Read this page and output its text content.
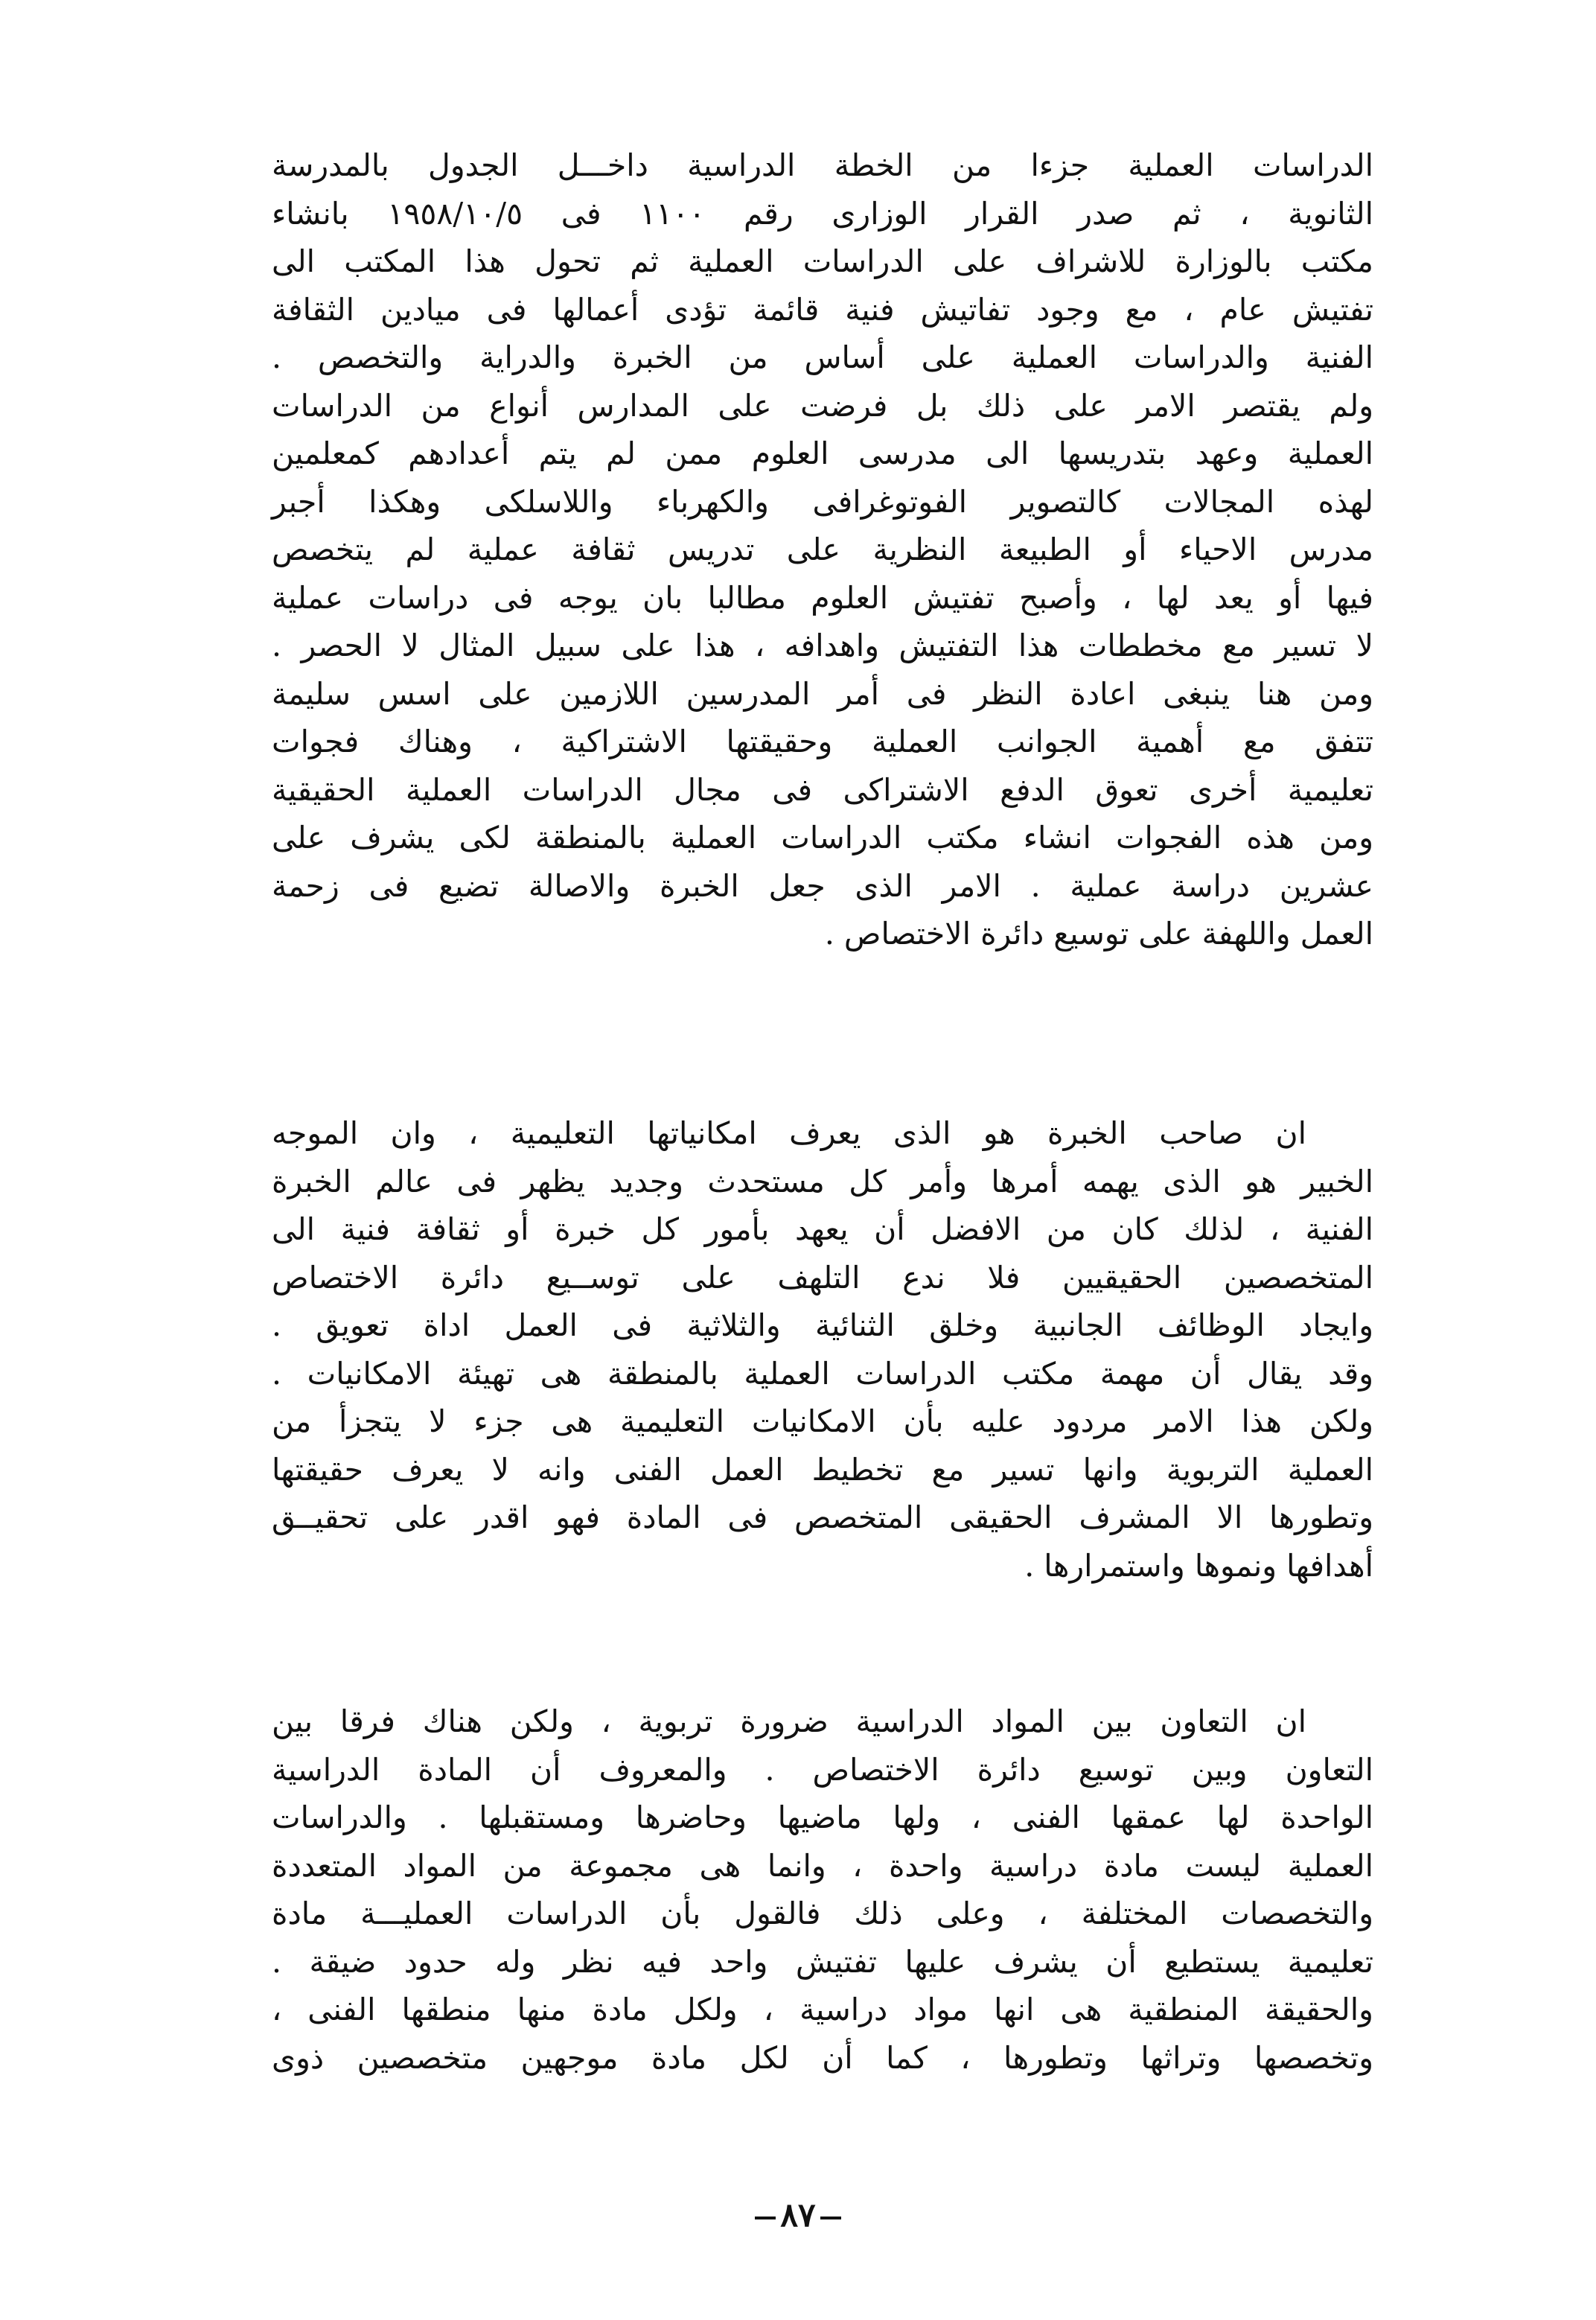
الدراسات العملية جزءا من الخطة الدراسية داخـــل الجدول بالمدرسة
الثانوية ، ثم صدر القرار الوزارى رقم ١١٠٠ فى ١٩٥٨/١٠/٥ بانشاء
مكتب بالوزارة للاشراف على الدراسات العملية ثم تحول هذا المكتب الى
تفتيش عام ، مع وجود تفاتيش فنية قائمة تؤدى أعمالها فى ميادين الثقافة
الفنية والدراسات العملية على أساس من الخبرة والدراية والتخصص .
ولم يقتصر الامر على ذلك بل فرضت على المدارس أنواع من الدراسات
العملية وعهد بتدريسها الى مدرسى العلوم ممن لم يتم أعدادهم كمعلمين
لهذه المجالات كالتصوير الفوتوغرافى والكهرباء واللاسلكى وهكذا أجبر
مدرس الاحياء أو الطبيعة النظرية على تدريس ثقافة عملية لم يتخصص
فيها أو يعد لها ، وأصبح تفتيش العلوم مطالبا بان يوجه فى دراسات عملية
لا تسير مع مخططات هذا التفتيش واهدافه ، هذا على سبيل المثال لا الحصر .
ومن هنا ينبغى اعادة النظر فى أمر المدرسين اللازمين على اسس سليمة
تتفق مع أهمية الجوانب العملية وحقيقتها الاشتراكية ، وهناك فجوات
تعليمية أخرى تعوق الدفع الاشتراكى فى مجال الدراسات العملية الحقيقية
ومن هذه الفجوات انشاء مكتب الدراسات العملية بالمنطقة لكى يشرف على
عشرين دراسة عملية . الامر الذى جعل الخبرة والاصالة تضيع فى زحمة
العمل واللهفة على توسيع دائرة الاختصاص .
ان صاحب الخبرة هو الذى يعرف امكانياتها التعليمية ، وان الموجه
الخبير هو الذى يهمه أمرها وأمر كل مستحدث وجديد يظهر فى عالم الخبرة
الفنية ، لذلك كان من الافضل أن يعهد بأمور كل خبرة أو ثقافة فنية الى
المتخصصين الحقيقيين فلا ندع التلهف على توســيع دائرة الاختصاص
وايجاد الوظائف الجانبية وخلق الثنائية والثلاثية فى العمل اداة تعويق .
وقد يقال أن مهمة مكتب الدراسات العملية بالمنطقة هى تهيئة الامكانيات .
ولكن هذا الامر مردود عليه بأن الامكانيات التعليمية هى جزء لا يتجزأ من
العملية التربوية وانها تسير مع تخطيط العمل الفنى وانه لا يعرف حقيقتها
وتطورها الا المشرف الحقيقى المتخصص فى المادة فهو اقدر على تحقيــق
أهدافها ونموها واستمرارها .
ان التعاون بين المواد الدراسية ضرورة تربوية ، ولكن هناك فرقا بين
التعاون وبين توسيع دائرة الاختصاص . والمعروف أن المادة الدراسية
الواحدة لها عمقها الفنى ، ولها ماضيها وحاضرها ومستقبلها . والدراسات
العملية ليست مادة دراسية واحدة ، وانما هى مجموعة من المواد المتعددة
والتخصصات المختلفة ، وعلى ذلك فالقول بأن الدراسات العمليـــة مادة
تعليمية يستطيع أن يشرف عليها تفتيش واحد فيه نظر وله حدود ضيقة .
والحقيقة المنطقية هى انها مواد دراسية ، ولكل مادة منها منطقها الفنى ،
وتخصصها وتراثها وتطورها ، كما أن لكل مادة موجهين متخصصين ذوى
٨٧
